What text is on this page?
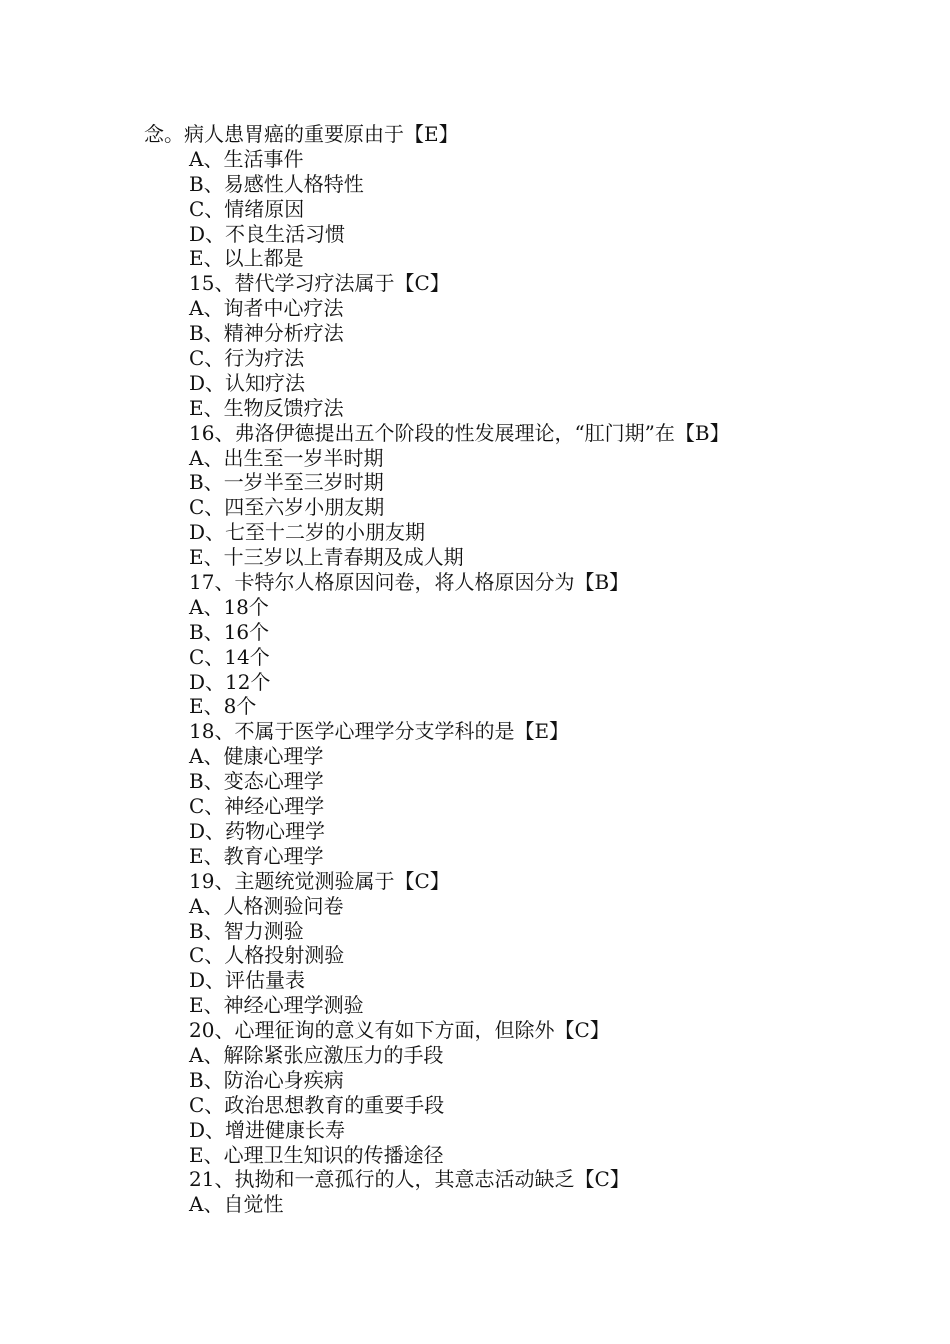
念。病人患胃癌的重要原由于【E】
A、生活事件
B、易感性人格特性
C、情绪原因
D、不良生活习惯
E、以上都是
15、替代学习疗法属于【C】
A、询者中心疗法
B、精神分析疗法
C、行为疗法
D、认知疗法
E、生物反馈疗法
16、弗洛伊德提出五个阶段的性发展理论，“肛门期”在【B】
A、出生至一岁半时期
B、一岁半至三岁时期
C、四至六岁小朋友期
D、七至十二岁的小朋友期
E、十三岁以上青春期及成人期
17、卡特尔人格原因问卷，将人格原因分为【B】
A、18个
B、16个
C、14个
D、12个
E、8个
18、不属于医学心理学分支学科的是【E】
A、健康心理学
B、变态心理学
C、神经心理学
D、药物心理学
E、教育心理学
19、主题统觉测验属于【C】
A、人格测验问卷
B、智力测验
C、人格投射测验
D、评估量表
E、神经心理学测验
20、心理征询的意义有如下方面，但除外【C】
A、解除紧张应激压力的手段
B、防治心身疾病
C、政治思想教育的重要手段
D、增进健康长寿
E、心理卫生知识的传播途径
21、执拗和一意孤行的人，其意志活动缺乏【C】
A、自觉性
